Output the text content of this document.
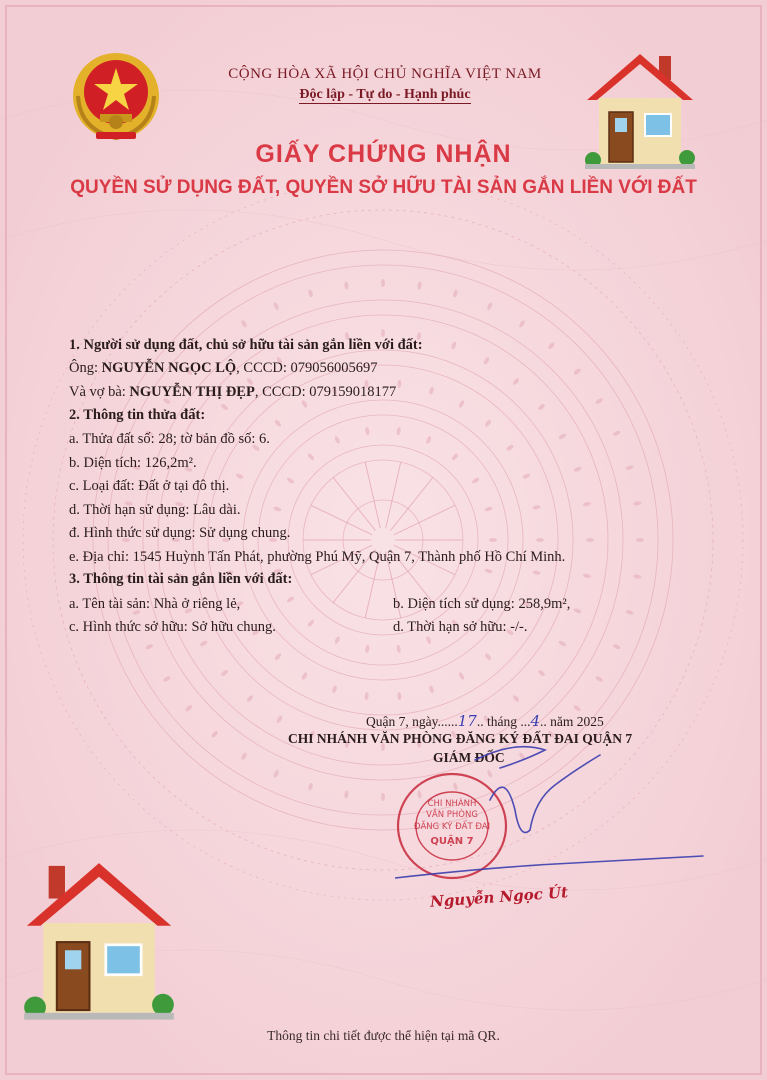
CỘNG HÒA XÃ HỘI CHỦ NGHĨA VIỆT NAM
Độc lập - Tự do - Hạnh phúc
GIẤY CHỨNG NHẬN
QUYỀN SỬ DỤNG ĐẤT, QUYỀN SỞ HỮU TÀI SẢN GẮN LIỀN VỚI ĐẤT
1. Người sử dụng đất, chủ sở hữu tài sản gắn liền với đất:
Ông: NGUYỄN NGỌC LỘ, CCCD: 079056005697
Và vợ bà: NGUYỄN THỊ ĐẸP, CCCD: 079159018177
2. Thông tin thửa đất:
a. Thửa đất số: 28; tờ bản đồ số: 6.
b. Diện tích: 126,2m².
c. Loại đất: Đất ở tại đô thị.
d. Thời hạn sử dụng: Lâu dài.
đ. Hình thức sử dụng: Sử dụng chung.
e. Địa chỉ: 1545 Huỳnh Tấn Phát, phường Phú Mỹ, Quận 7, Thành phố Hồ Chí Minh.
3. Thông tin tài sản gắn liền với đất:
a. Tên tài sản: Nhà ở riêng lẻ,	b. Diện tích sử dụng: 258,9m²,
c. Hình thức sở hữu: Sở hữu chung.	d. Thời hạn sở hữu: -/-.
Quận 7, ngày......17.. tháng ...4.. năm 2025
CHI NHÁNH VĂN PHÒNG ĐĂNG KÝ ĐẤT ĐAI QUẬN 7
GIÁM ĐỐC
CHI NHÁNH
VĂN PHÒNG
ĐĂNG KÝ ĐẤT ĐAI
QUẬN 7
Nguyễn Ngọc Út
Thông tin chi tiết được thể hiện tại mã QR.
